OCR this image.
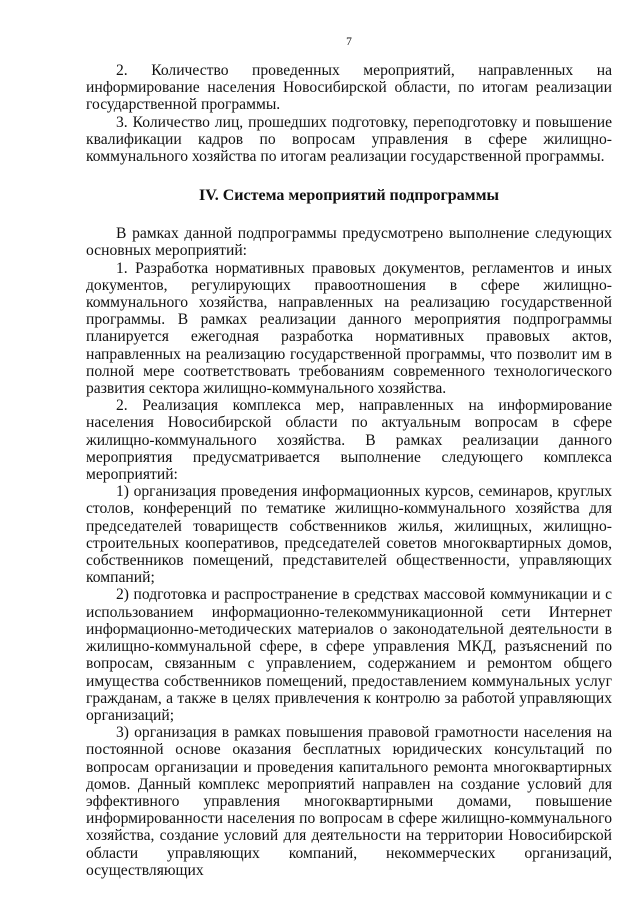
7

2. Количество проведенных мероприятий, направленных на информирование населения Новосибирской области, по итогам реализации государственной программы.

3. Количество лиц, прошедших подготовку, переподготовку и повышение квалификации кадров по вопросам управления в сфере жилищно-коммунального хозяйства по итогам реализации государственной программы.

IV. Система мероприятий подпрограммы

В рамках данной подпрограммы предусмотрено выполнение следующих основных мероприятий:

1. Разработка нормативных правовых документов, регламентов и иных документов, регулирующих правоотношения в сфере жилищно-коммунального хозяйства, направленных на реализацию государственной программы. В рамках реализации данного мероприятия подпрограммы планируется ежегодная разработка нормативных правовых актов, направленных на реализацию государственной программы, что позволит им в полной мере соответствовать требованиям современного технологического развития сектора жилищно-коммунального хозяйства.

2. Реализация комплекса мер, направленных на информирование населения Новосибирской области по актуальным вопросам в сфере жилищно-коммунального хозяйства. В рамках реализации данного мероприятия предусматривается выполнение следующего комплекса мероприятий:

1) организация проведения информационных курсов, семинаров, круглых столов, конференций по тематике жилищно-коммунального хозяйства для председателей товариществ собственников жилья, жилищных, жилищно-строительных кооперативов, председателей советов многоквартирных домов, собственников помещений, представителей общественности, управляющих компаний;

2) подготовка и распространение в средствах массовой коммуникации и с использованием информационно-телекоммуникационной сети Интернет информационно-методических материалов о законодательной деятельности в жилищно-коммунальной сфере, в сфере управления МКД, разъяснений по вопросам, связанным с управлением, содержанием и ремонтом общего имущества собственников помещений, предоставлением коммунальных услуг гражданам, а также в целях привлечения к контролю за работой управляющих организаций;

3) организация в рамках повышения правовой грамотности населения на постоянной основе оказания бесплатных юридических консультаций по вопросам организации и проведения капитального ремонта многоквартирных домов. Данный комплекс мероприятий направлен на создание условий для эффективного управления многоквартирными домами, повышение информированности населения по вопросам в сфере жилищно-коммунального хозяйства, создание условий для деятельности на территории Новосибирской области управляющих компаний, некоммерческих организаций, осуществляющих
